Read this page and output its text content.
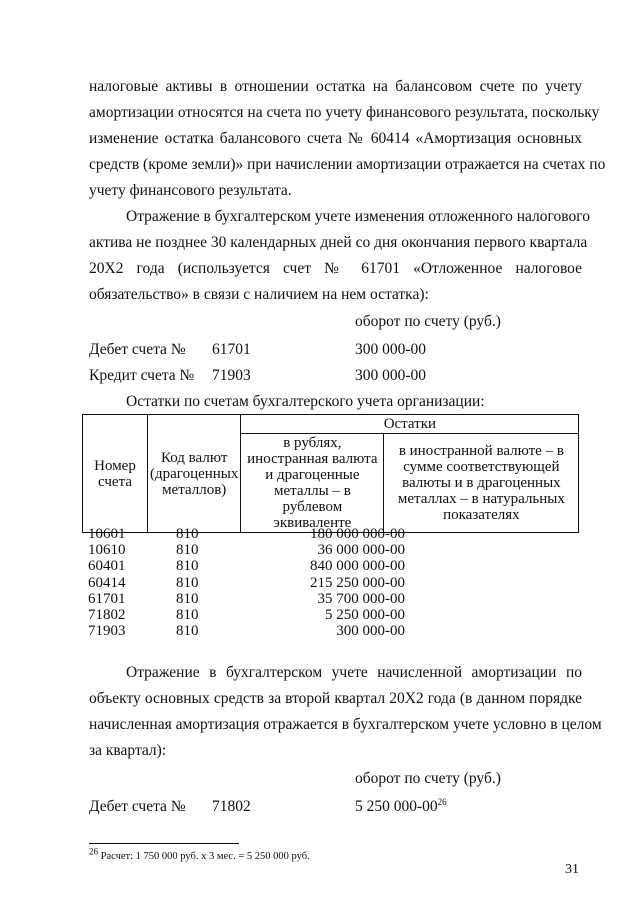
налоговые активы в отношении остатка на балансовом счете по учету
амортизации относятся на счета по учету финансового результата, поскольку
изменение остатка балансового счета № 60414 «Амортизация основных
средств (кроме земли)» при начислении амортизации отражается на счетах по
учету финансового результата.
Отражение в бухгалтерском учете изменения отложенного налогового
актива не позднее 30 календарных дней со дня окончания первого квартала
20Х2 года (используется счет № 61701 «Отложенное налоговое
обязательство» в связи с наличием на нем остатка):
оборот по счету (руб.)
Дебет счета № 61701	300 000-00
Кредит счета № 71903	300 000-00
Остатки по счетам бухгалтерского учета организации:
Номер счета	Код валют (драгоценных металлов)	Остатки	
		в рублях, иностранная валюта и драгоценные металлы – в рублевом эквиваленте	в иностранной валюте – в сумме соответствующей валюты и в драгоценных металлах – в натуральных показателях
10601	810	180 000 000-00
10610	810	36 000 000-00
60401	810	840 000 000-00
60414	810	215 250 000-00
61701	810	35 700 000-00
71802	810	5 250 000-00
71903	810	300 000-00
Отражение в бухгалтерском учете начисленной амортизации по
объекту основных средств за второй квартал 20Х2 года (в данном порядке
начисленная амортизация отражается в бухгалтерском учете условно в целом
за квартал):
оборот по счету (руб.)
Дебет счета № 71802	5 250 $000-00^{26}$
$^{26}$ Расчет: 1 750 000 руб. х 3 мес. = 5 250 000 руб.
31
